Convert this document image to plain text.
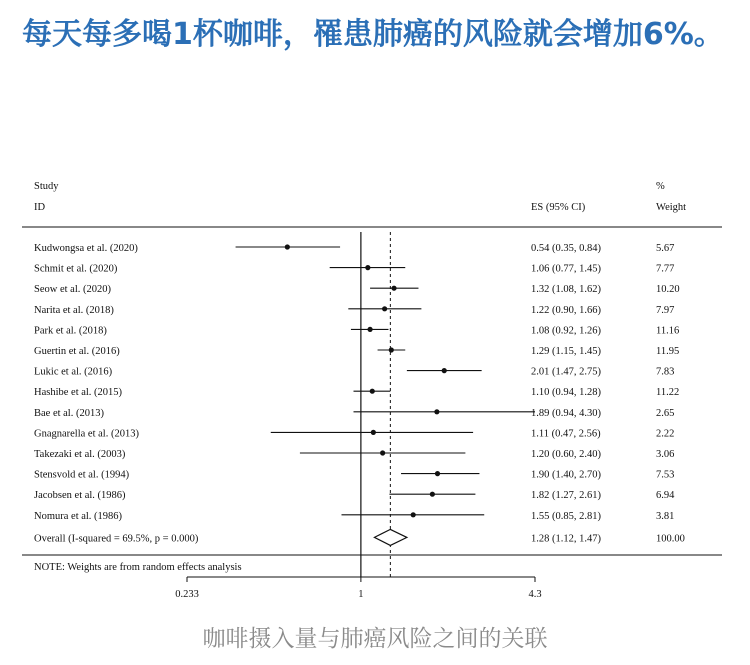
每天每多喝1杯咖啡，罹患肺癌的风险就会增加6%。
Study
ID	ES (95% CI)
%
Weight
Kudwongsa et al. (2020)	0.54 (0.35, 0.84)	5.67
Schmit et al. (2020)	1.06 (0.77, 1.45)	7.77
Seow et al. (2020)	1.32 (1.08, 1.62)	10.20
Narita et al. (2018)	1.22 (0.90, 1.66)	7.97
Park et al. (2018)	1.08 (0.92, 1.26)	11.16
Guertin et al. (2016)	1.29 (1.15, 1.45)	11.95
Lukic et al. (2016)	2.01 (1.47, 2.75)	7.83
Hashibe et al. (2015)	1.10 (0.94, 1.28)	11.22
Bae et al. (2013)	1.89 (0.94, 4.30)	2.65
Gnagnarella et al. (2013)	1.11 (0.47, 2.56)	2.22
Takezaki et al. (2003)	1.20 (0.60, 2.40)	3.06
Stensvold et al. (1994)	1.90 (1.40, 2.70)	7.53
Jacobsen et al. (1986)	1.82 (1.27, 2.61)	6.94
Nomura et al. (1986)	1.55 (0.85, 2.81)	3.81
Overall (I-squared = 69.5%, p = 0.000)	1.28 (1.12, 1.47)	100.00
NOTE: Weights are from random effects analysis
0.233	1	4.3
咖啡摄入量与肺癌风险之间的关联
